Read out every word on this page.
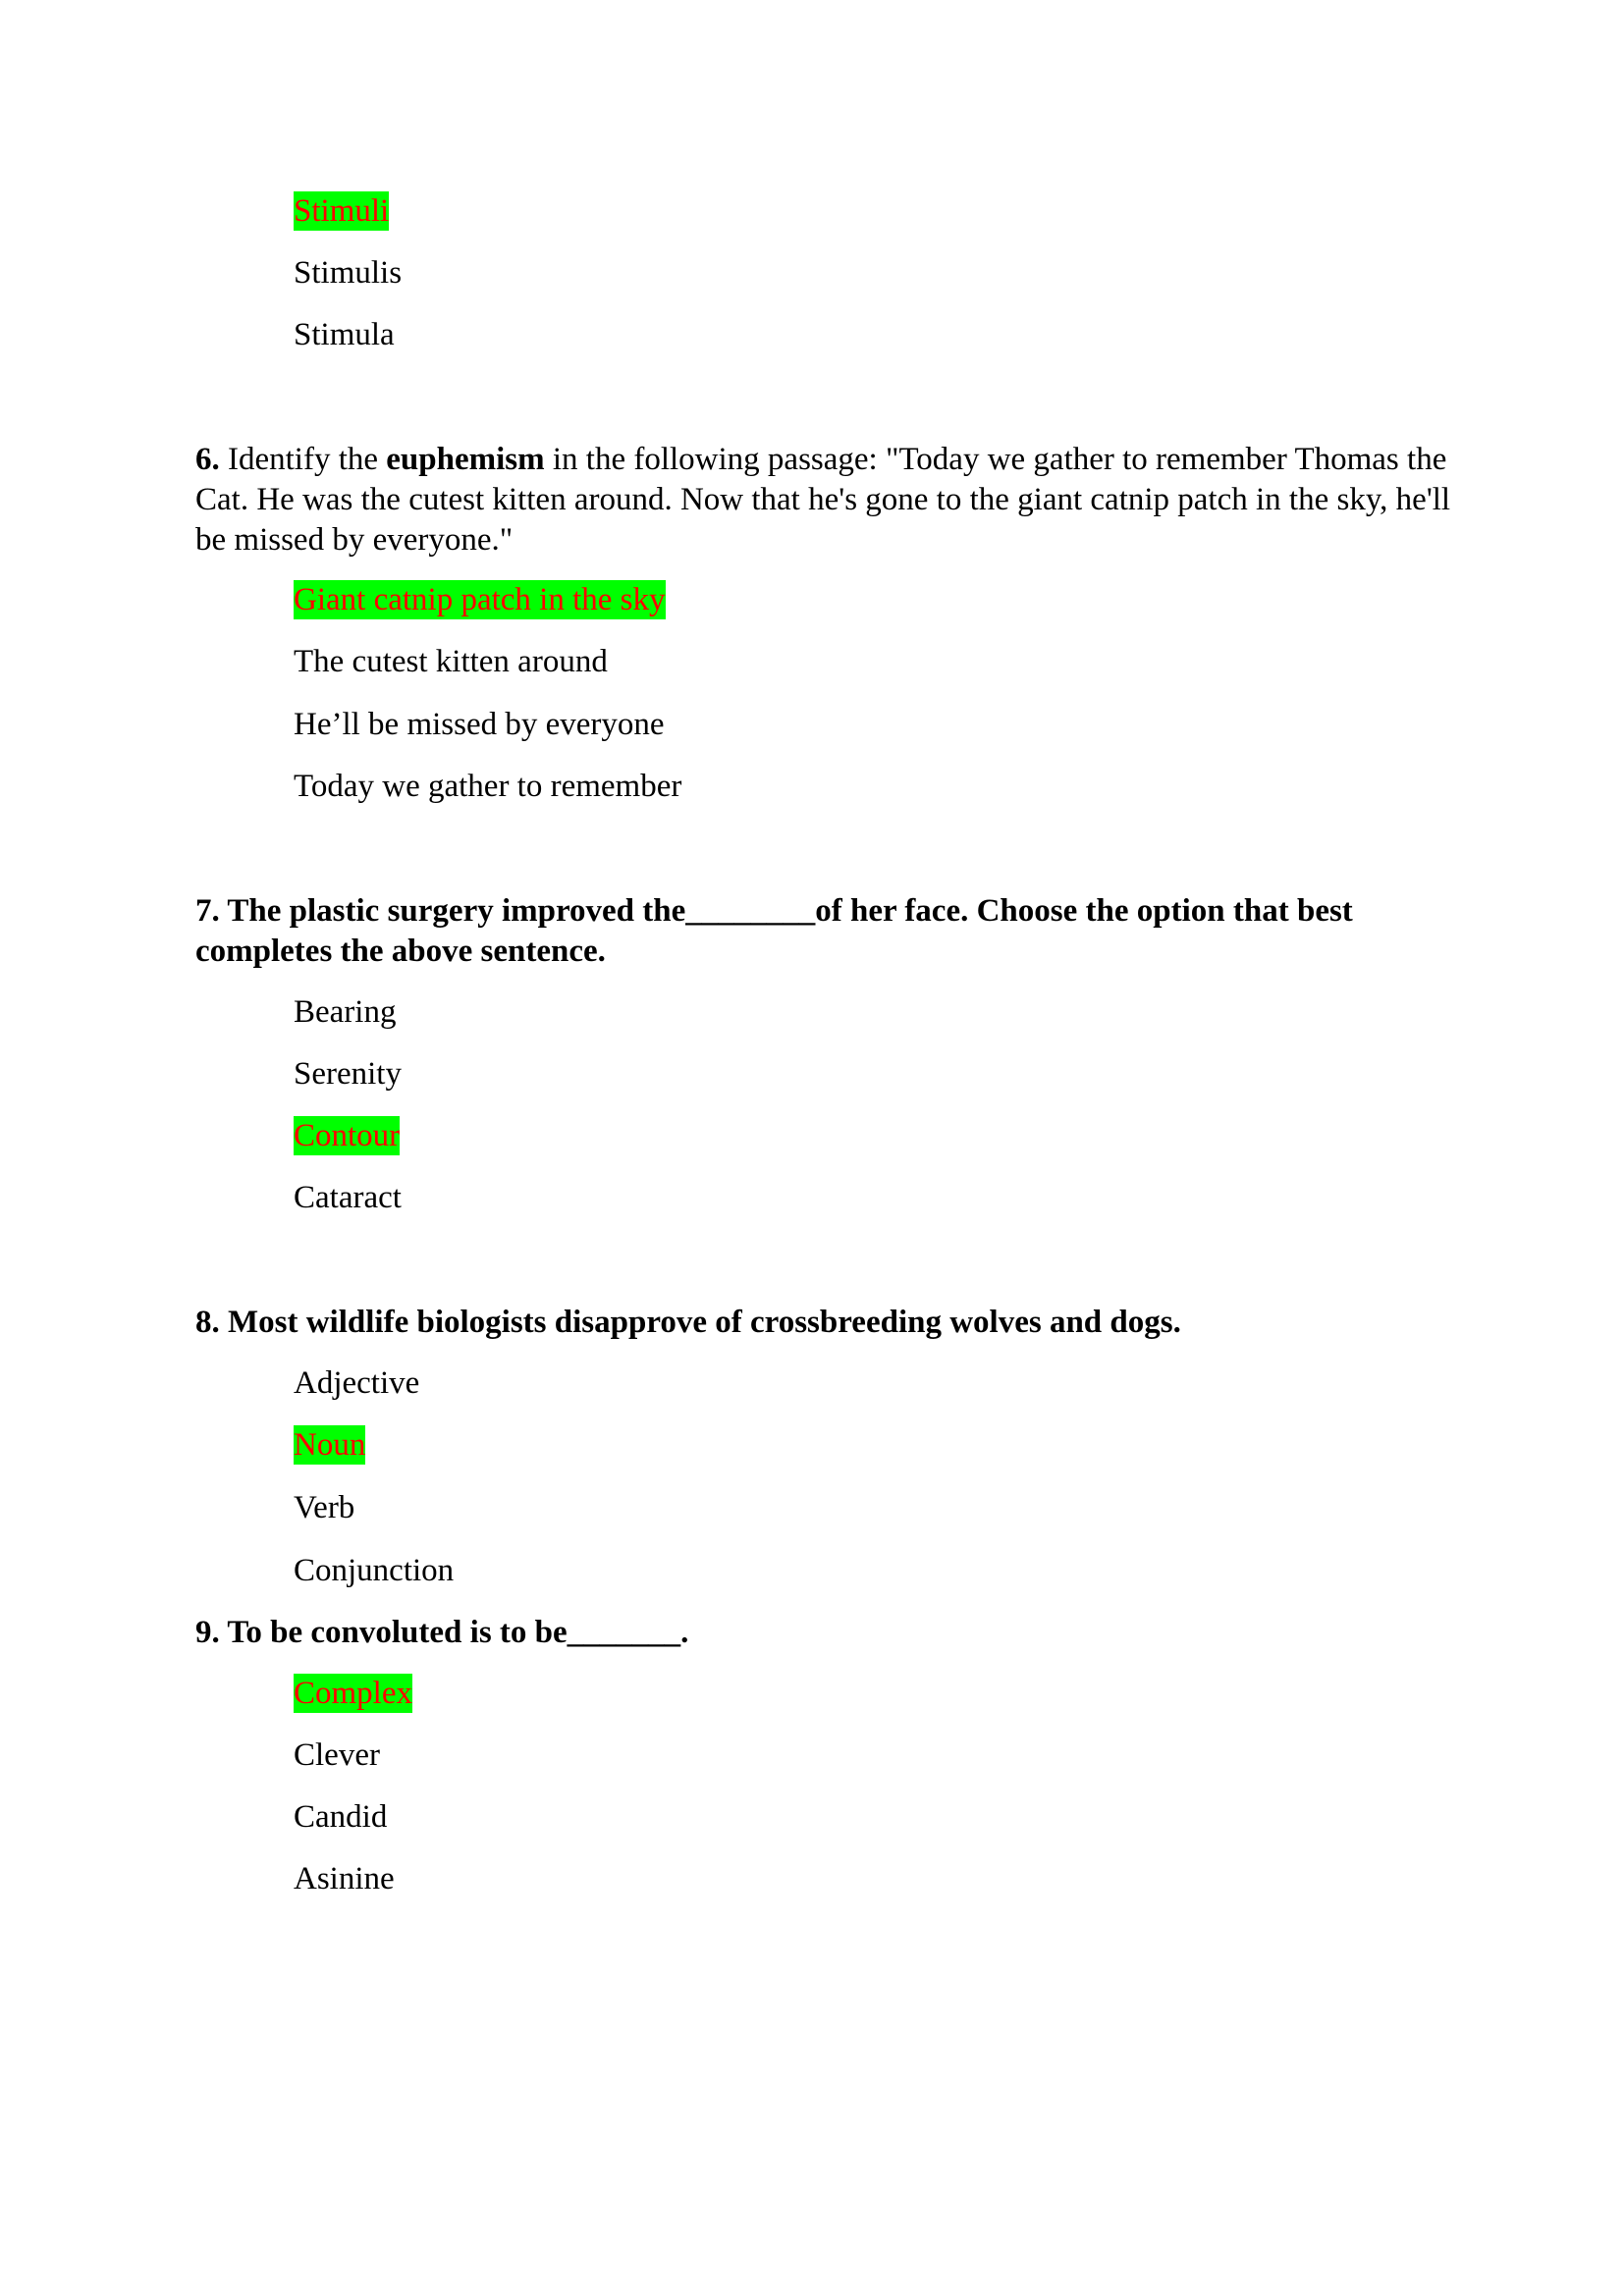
Stimuli
Stimulis
Stimula
6. Identify the euphemism in the following passage: "Today we gather to remember Thomas the Cat. He was the cutest kitten around. Now that he's gone to the giant catnip patch in the sky, he'll be missed by everyone."
Giant catnip patch in the sky
The cutest kitten around
He’ll be missed by everyone
Today we gather to remember
7. The plastic surgery improved the________of her face. Choose the option that best completes the above sentence.
Bearing
Serenity
Contour
Cataract
8. Most wildlife biologists disapprove of crossbreeding wolves and dogs.
Adjective
Noun
Verb
Conjunction
9. To be convoluted is to be_______.
Complex
Clever
Candid
Asinine
